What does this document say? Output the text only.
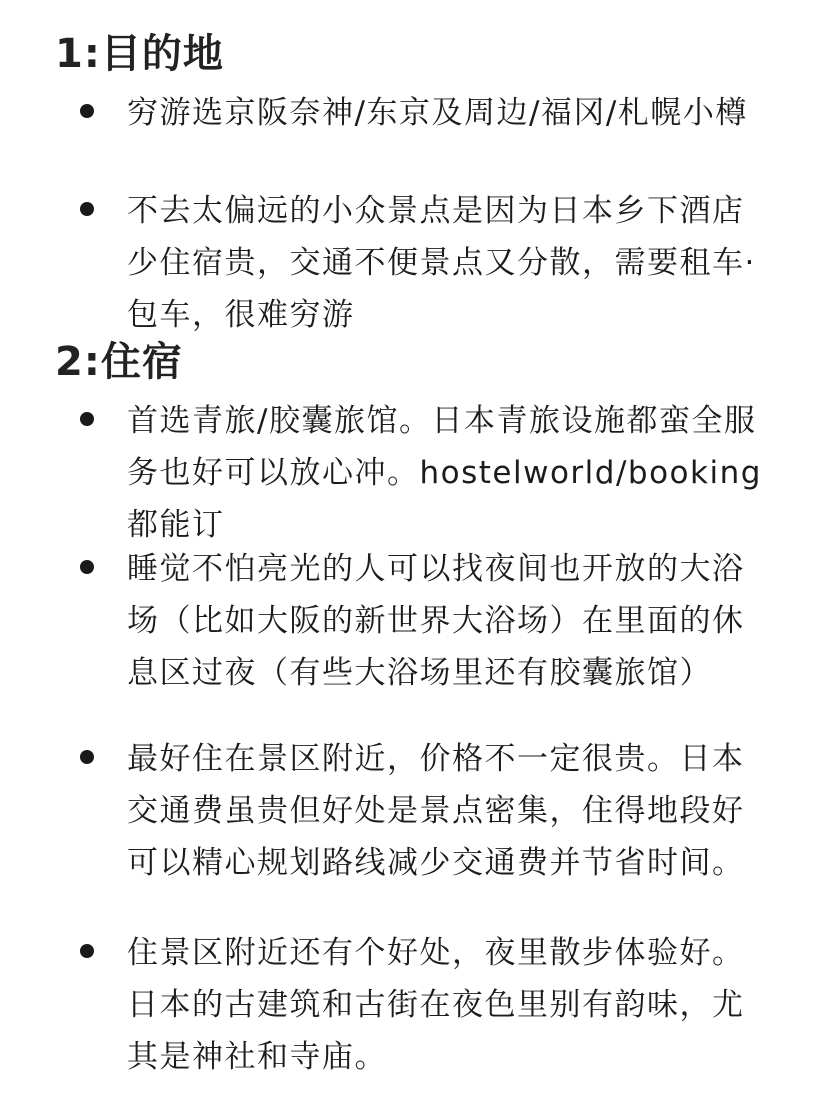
1:目的地
穷游选京阪奈神/东京及周边/福冈/札幌小樽
不去太偏远的小众景点是因为日本乡下酒店少住宿贵，交通不便景点又分散，需要租车·包车，很难穷游
2:住宿
首选青旅/胶囊旅馆。日本青旅设施都蛮全服务也好可以放心冲。hostelworld/booking都能订
睡觉不怕亮光的人可以找夜间也开放的大浴场（比如大阪的新世界大浴场）在里面的休息区过夜（有些大浴场里还有胶囊旅馆）
最好住在景区附近，价格不一定很贵。日本交通费虽贵但好处是景点密集，住得地段好可以精心规划路线减少交通费并节省时间。
住景区附近还有个好处，夜里散步体验好。日本的古建筑和古街在夜色里别有韵味，尤其是神社和寺庙。
